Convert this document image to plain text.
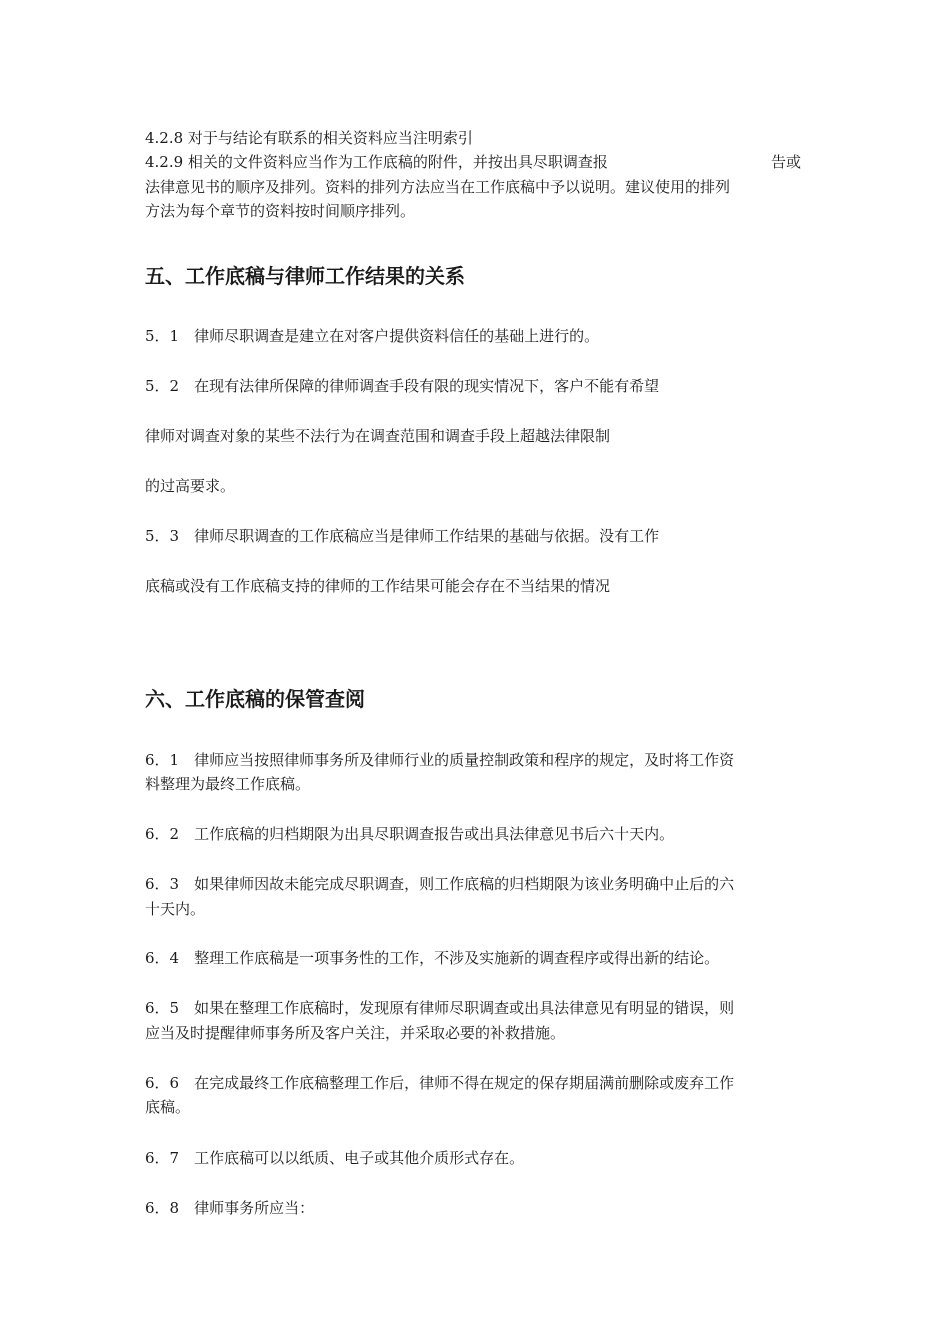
4.2.8 对于与结论有联系的相关资料应当注明索引
4.2.9 相关的文件资料应当作为工作底稿的附件，并按出具尽职调查报	告或
法律意见书的顺序及排列。资料的排列方法应当在工作底稿中予以说明。建议使用的排列
方法为每个章节的资料按时间顺序排列。
五、工作底稿与律师工作结果的关系
5．1　律师尽职调查是建立在对客户提供资料信任的基础上进行的。
5．2　在现有法律所保障的律师调查手段有限的现实情况下，客户不能有希望
律师对调查对象的某些不法行为在调查范围和调查手段上超越法律限制
的过高要求。
5．3　律师尽职调查的工作底稿应当是律师工作结果的基础与依据。没有工作
底稿或没有工作底稿支持的律师的工作结果可能会存在不当结果的情况
六、工作底稿的保管查阅
6．1　律师应当按照律师事务所及律师行业的质量控制政策和程序的规定，及时将工作资
料整理为最终工作底稿。
6．2　工作底稿的归档期限为出具尽职调查报告或出具法律意见书后六十天内。
6．3　如果律师因故未能完成尽职调查，则工作底稿的归档期限为该业务明确中止后的六
十天内。
6．4　整理工作底稿是一项事务性的工作，不涉及实施新的调查程序或得出新的结论。
6．5　如果在整理工作底稿时，发现原有律师尽职调查或出具法律意见有明显的错误，则
应当及时提醒律师事务所及客户关注，并采取必要的补救措施。
6．6　在完成最终工作底稿整理工作后，律师不得在规定的保存期届满前删除或废弃工作
底稿。
6．7　工作底稿可以以纸质、电子或其他介质形式存在。
6．8　律师事务所应当：
